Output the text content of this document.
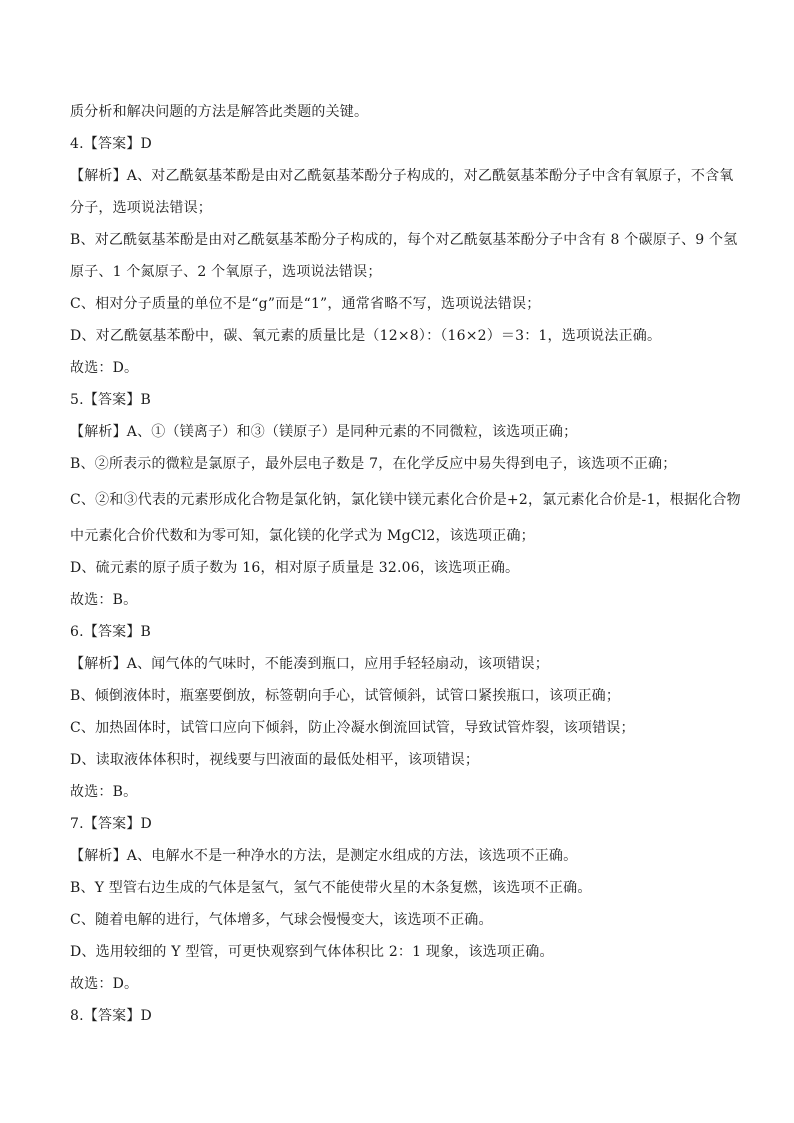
质分析和解决问题的方法是解答此类题的关键。
4.【答案】D
【解析】A、对乙酰氨基苯酚是由对乙酰氨基苯酚分子构成的，对乙酰氨基苯酚分子中含有氧原子，不含氧
分子，选项说法错误；
B、对乙酰氨基苯酚是由对乙酰氨基苯酚分子构成的，每个对乙酰氨基苯酚分子中含有 8 个碳原子、9 个氢
原子、1 个氮原子、2 个氧原子，选项说法错误；
C、相对分子质量的单位不是“g”而是“1”，通常省略不写，选项说法错误；
D、对乙酰氨基苯酚中，碳、氧元素的质量比是（12×8）：（16×2）＝3：1，选项说法正确。
故选：D。
5.【答案】B
【解析】A、①（镁离子）和③（镁原子）是同种元素的不同微粒，该选项正确；
B、②所表示的微粒是氯原子，最外层电子数是 7，在化学反应中易失得到电子，该选项不正确；
C、②和③代表的元素形成化合物是氯化钠，氯化镁中镁元素化合价是+2，氯元素化合价是-1，根据化合物
中元素化合价代数和为零可知，氯化镁的化学式为 MgCl2，该选项正确；
D、硫元素的原子质子数为 16，相对原子质量是 32.06，该选项正确。
故选：B。
6.【答案】B
【解析】A、闻气体的气味时，不能凑到瓶口，应用手轻轻扇动，该项错误；
B、倾倒液体时，瓶塞要倒放，标签朝向手心，试管倾斜，试管口紧挨瓶口，该项正确；
C、加热固体时，试管口应向下倾斜，防止冷凝水倒流回试管，导致试管炸裂，该项错误；
D、读取液体体积时，视线要与凹液面的最低处相平，该项错误；
故选：B。
7.【答案】D
【解析】A、电解水不是一种净水的方法，是测定水组成的方法，该选项不正确。
B、Y 型管右边生成的气体是氢气，氢气不能使带火星的木条复燃，该选项不正确。
C、随着电解的进行，气体增多，气球会慢慢变大，该选项不正确。
D、选用较细的 Y 型管，可更快观察到气体体积比 2：1 现象，该选项正确。
故选：D。
8.【答案】D
